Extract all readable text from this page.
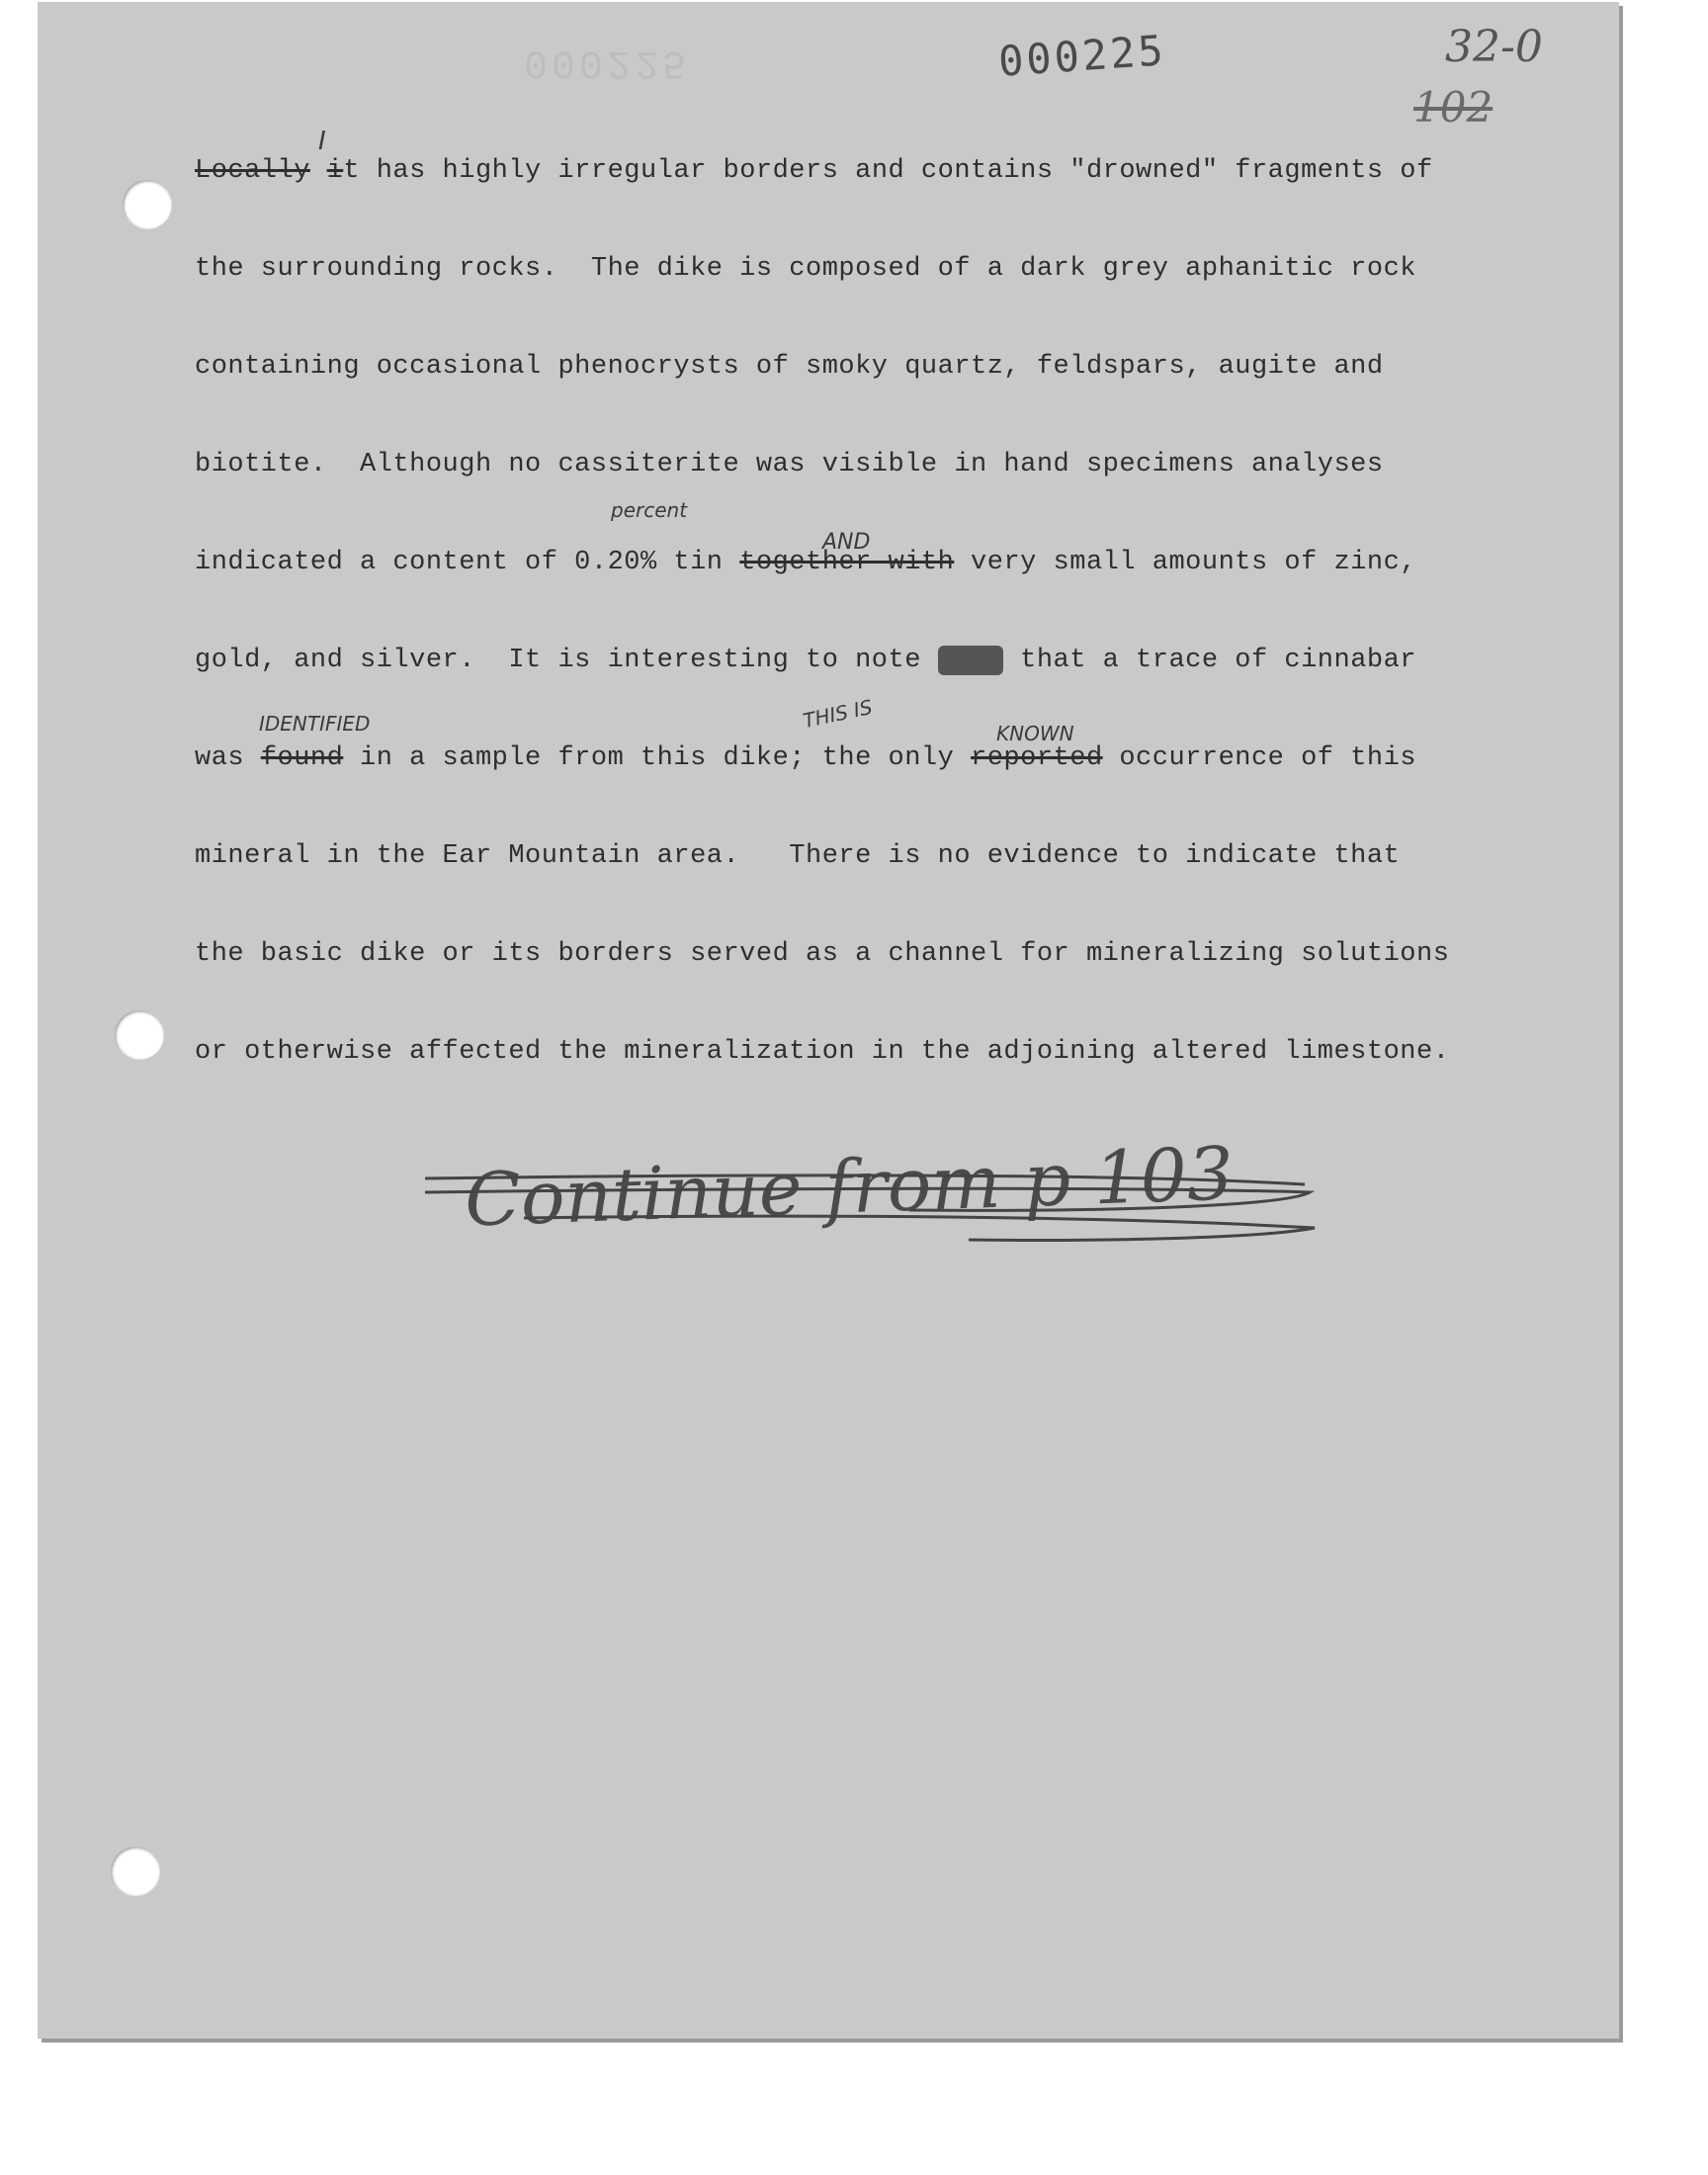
000225	000225	32-0
102
Locally it has highly irregular borders and contains "drowned" fragments of
I
the surrounding rocks.  The dike is composed of a dark grey aphanitic rock
containing occasional phenocrysts of smoky quartz, feldspars, augite and
biotite.  Although no cassiterite was visible in hand specimens analyses
indicated a content of 0.20% tin together with very small amounts of zinc,
percent
AND
gold, and silver.  It is interesting to note also that a trace of cinnabar
was found in a sample from this dike; the only reported occurrence of this
IDENTIFIED	THIS IS
KNOWN
mineral in the Ear Mountain area.   There is no evidence to indicate that
the basic dike or its borders served as a channel for mineralizing solutions
or otherwise affected the mineralization in the adjoining altered limestone.
Continue from p 103
